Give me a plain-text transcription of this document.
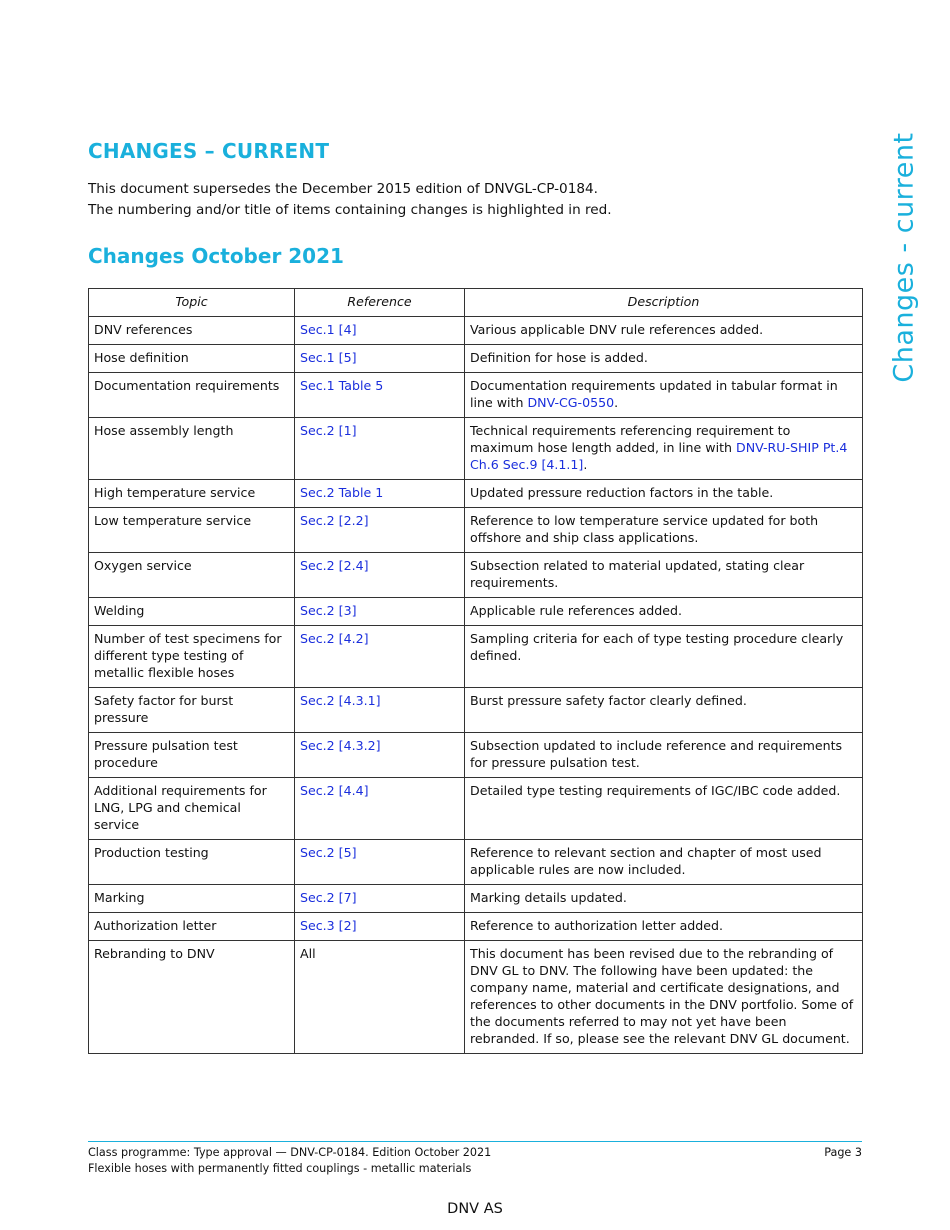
CHANGES – CURRENT

This document supersedes the December 2015 edition of DNVGL-CP-0184.

The numbering and/or title of items containing changes is highlighted in red.

Changes October 2021	Changes - current
Topic	Reference	Description
DNV references	Sec.1 [4]	Various applicable DNV rule references added.
Hose definition	Sec.1 [5]	Definition for hose is added.
Documentation requirements	Sec.1 Table 5	Documentation requirements updated in tabular format in line with DNV-CG-0550.
Hose assembly length	Sec.2 [1]	Technical requirements referencing requirement to maximum hose length added, in line with DNV-RU-SHIP Pt.4 Ch.6 Sec.9 [4.1.1].
High temperature service	Sec.2 Table 1	Updated pressure reduction factors in the table.
Low temperature service	Sec.2 [2.2]	Reference to low temperature service updated for both offshore and ship class applications.
Oxygen service	Sec.2 [2.4]	Subsection related to material updated, stating clear requirements.
Welding	Sec.2 [3]	Applicable rule references added.
Number of test specimens for different type testing of metallic flexible hoses	Sec.2 [4.2]	Sampling criteria for each of type testing procedure clearly defined.
Safety factor for burst pressure	Sec.2 [4.3.1]	Burst pressure safety factor clearly defined.
Pressure pulsation test procedure	Sec.2 [4.3.2]	Subsection updated to include reference and requirements for pressure pulsation test.
Additional requirements for LNG, LPG and chemical service	Sec.2 [4.4]	Detailed type testing requirements of IGC/IBC code added.
Production testing	Sec.2 [5]	Reference to relevant section and chapter of most used applicable rules are now included.
Marking	Sec.2 [7]	Marking details updated.
Authorization letter	Sec.3 [2]	Reference to authorization letter added.
Rebranding to DNV	All	This document has been revised due to the rebranding of DNV GL to DNV. The following have been updated: the company name, material and certificate designations, and references to other documents in the DNV portfolio. Some of the documents referred to may not yet have been rebranded. If so, please see the relevant DNV GL document.
Class programme: Type approval — DNV-CP-0184. Edition October 2021	Page 3
Flexible hoses with permanently fitted couplings - metallic materials
DNV AS
